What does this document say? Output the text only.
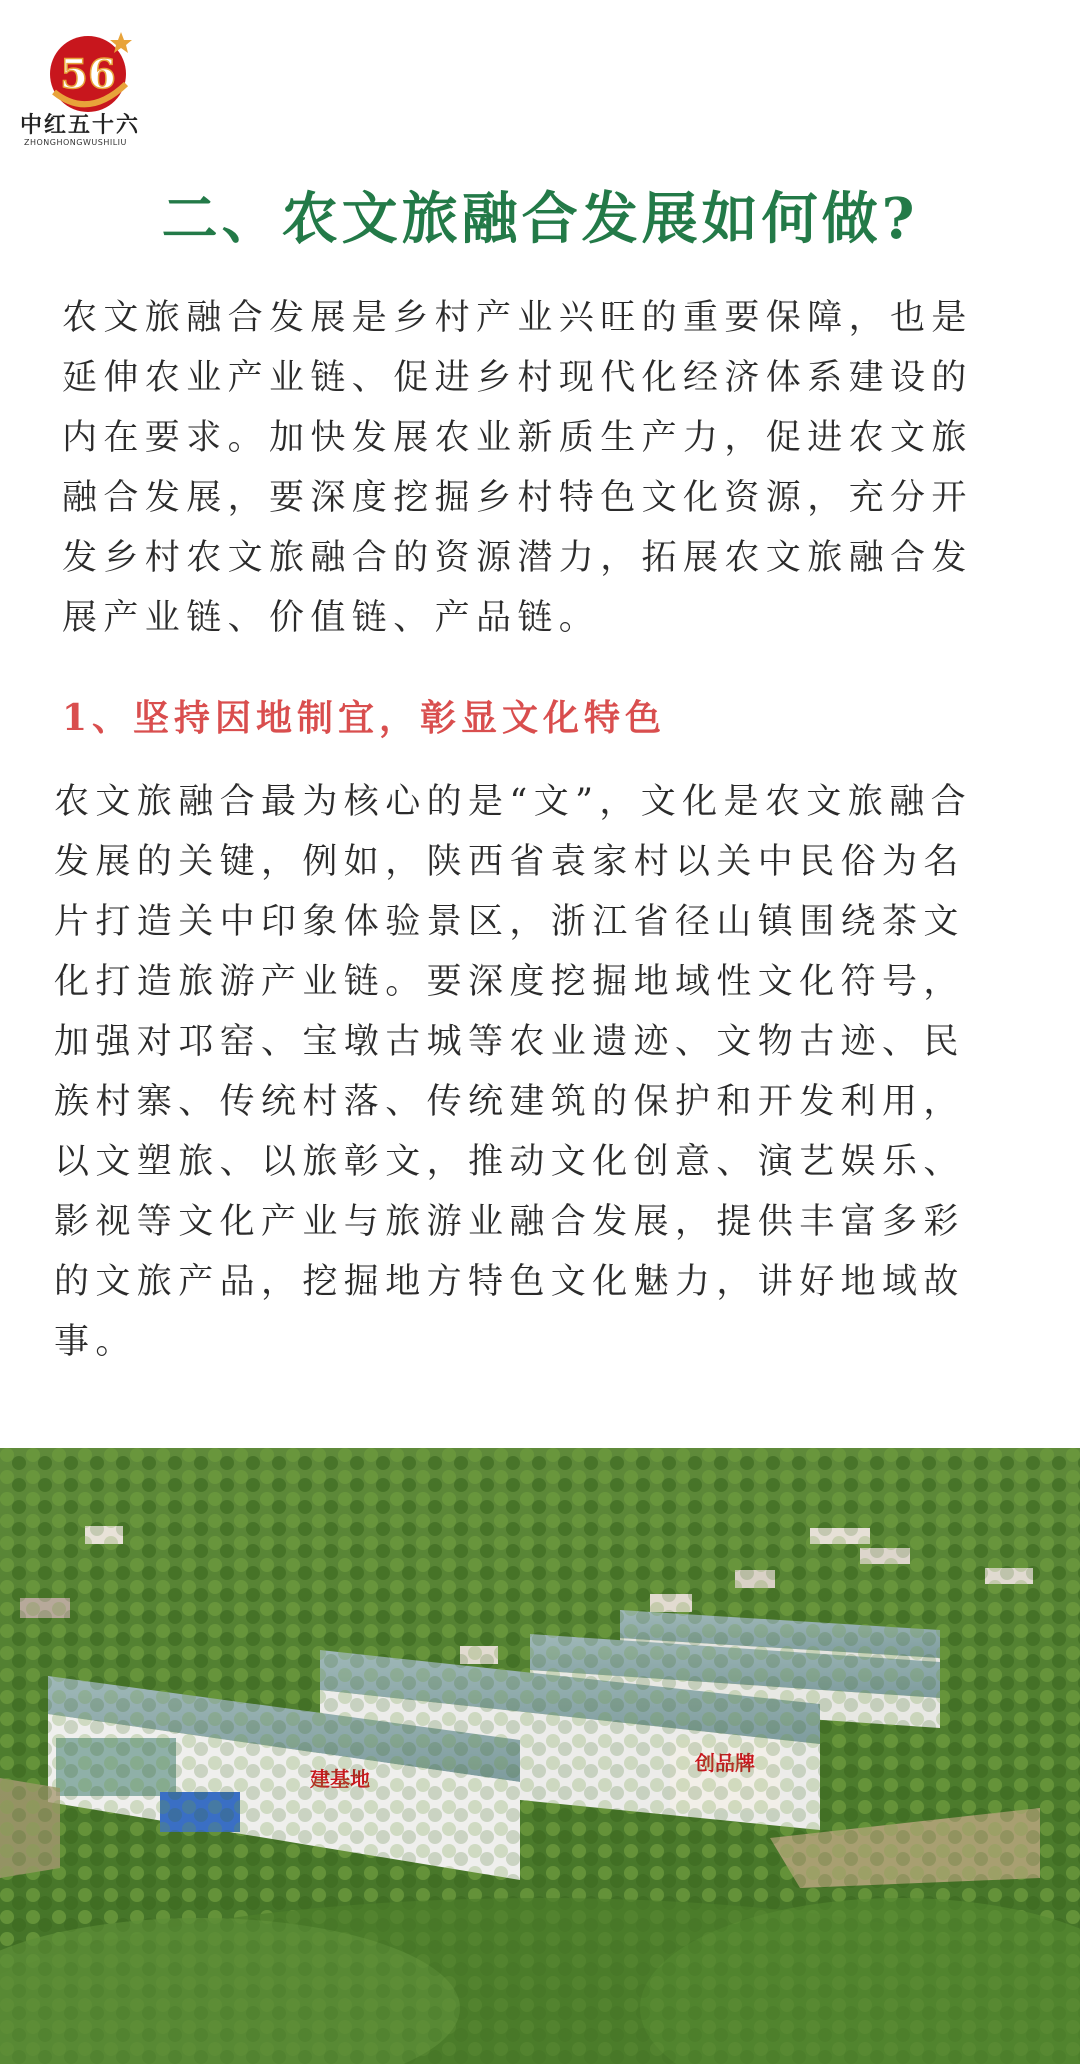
56
中红五十六
ZHONGHONGWUSHILIU
二、农文旅融合发展如何做?
农文旅融合发展是乡村产业兴旺的重要保障，也是延伸农业产业链、促进乡村现代化经济体系建设的内在要求。加快发展农业新质生产力，促进农文旅融合发展，要深度挖掘乡村特色文化资源，充分开发乡村农文旅融合的资源潜力，拓展农文旅融合发展产业链、价值链、产品链。
1、坚持因地制宜，彰显文化特色
农文旅融合最为核心的是“文”，文化是农文旅融合发展的关键，例如，陕西省袁家村以关中民俗为名片打造关中印象体验景区，浙江省径山镇围绕茶文化打造旅游产业链。要深度挖掘地域性文化符号，加强对邛窑、宝墩古城等农业遗迹、文物古迹、民族村寨、传统村落、传统建筑的保护和开发利用，以文塑旅、以旅彰文，推动文化创意、演艺娱乐、影视等文化产业与旅游业融合发展，提供丰富多彩的文旅产品，挖掘地方特色文化魅力，讲好地域故事。
创品牌
建基地
